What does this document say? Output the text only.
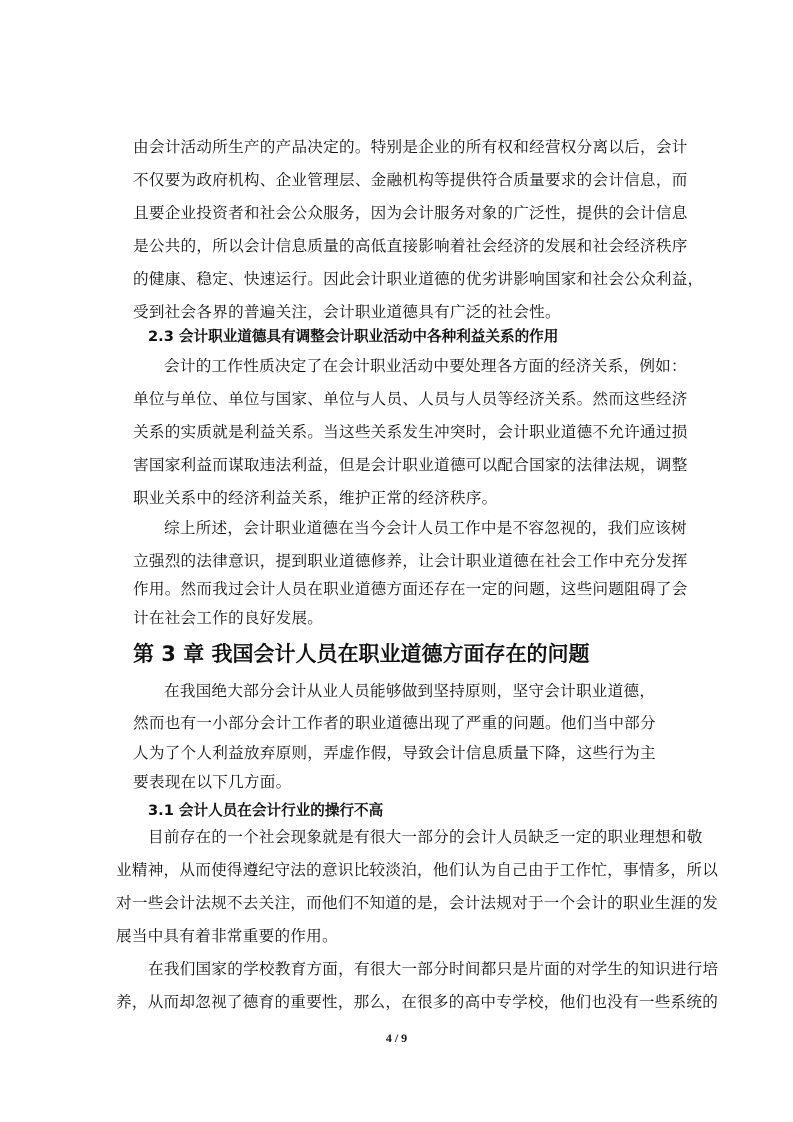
由会计活动所生产的产品决定的。特别是企业的所有权和经营权分离以后，会计
不仅要为政府机构、企业管理层、金融机构等提供符合质量要求的会计信息，而
且要企业投资者和社会公众服务，因为会计服务对象的广泛性，提供的会计信息
是公共的，所以会计信息质量的高低直接影响着社会经济的发展和社会经济秩序
的健康、稳定、快速运行。因此会计职业道德的优劣讲影响国家和社会公众利益，
受到社会各界的普遍关注，会计职业道德具有广泛的社会性。
2.3 会计职业道德具有调整会计职业活动中各种利益关系的作用
会计的工作性质决定了在会计职业活动中要处理各方面的经济关系，例如：
单位与单位、单位与国家、单位与人员、人员与人员等经济关系。然而这些经济
关系的实质就是利益关系。当这些关系发生冲突时，会计职业道德不允许通过损
害国家利益而谋取违法利益，但是会计职业道德可以配合国家的法律法规，调整
职业关系中的经济利益关系，维护正常的经济秩序。
综上所述，会计职业道德在当今会计人员工作中是不容忽视的，我们应该树
立强烈的法律意识，提到职业道德修养，让会计职业道德在社会工作中充分发挥
作用。然而我过会计人员在职业道德方面还存在一定的问题，这些问题阻碍了会
计在社会工作的良好发展。
第 3 章 我国会计人员在职业道德方面存在的问题
在我国绝大部分会计从业人员能够做到坚持原则，坚守会计职业道德，
然而也有一小部分会计工作者的职业道德出现了严重的问题。他们当中部分
人为了个人利益放弃原则，弄虚作假，导致会计信息质量下降，这些行为主
要表现在以下几方面。
3.1 会计人员在会计行业的操行不高
目前存在的一个社会现象就是有很大一部分的会计人员缺乏一定的职业理想和敬
业精神，从而使得遵纪守法的意识比较淡泊，他们认为自己由于工作忙，事情多，所以
对一些会计法规不去关注，而他们不知道的是，会计法规对于一个会计的职业生涯的发
展当中具有着非常重要的作用。
在我们国家的学校教育方面，有很大一部分时间都只是片面的对学生的知识进行培
养，从而却忽视了德育的重要性，那么，在很多的高中专学校，他们也没有一些系统的
4 / 9
